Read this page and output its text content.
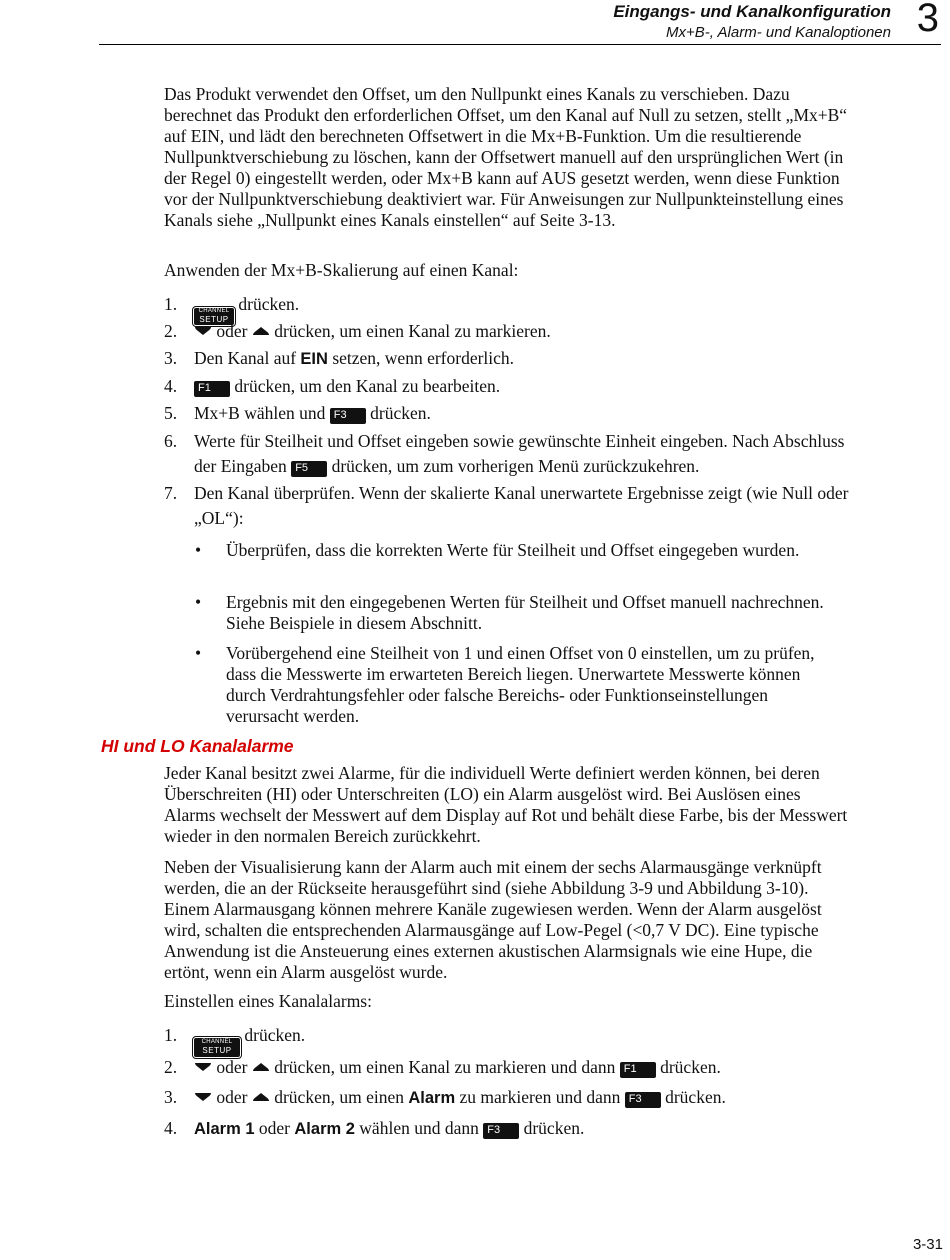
Eingangs- und Kanalkonfiguration
Mx+B-, Alarm- und Kanaloptionen 3

Das Produkt verwendet den Offset, um den Nullpunkt eines Kanals zu verschieben. Dazu berechnet das Produkt den erforderlichen Offset, um den Kanal auf Null zu setzen, stellt „Mx+B“ auf EIN, und lädt den berechneten Offsetwert in die Mx+B-Funktion. Um die resultierende Nullpunktverschiebung zu löschen, kann der Offsetwert manuell auf den ursprünglichen Wert (in der Regel 0) eingestellt werden, oder Mx+B kann auf AUS gesetzt werden, wenn diese Funktion vor der Nullpunktverschiebung deaktiviert war. Für Anweisungen zur Nullpunkteinstellung eines Kanals siehe „Nullpunkt eines Kanals einstellen“ auf Seite 3-13.

Anwenden der Mx+B-Skalierung auf einen Kanal:

1.	CHANNEL
SETUP
drücken.
2.	oder  drücken, um einen Kanal zu markieren.
3. Den Kanal auf EIN setzen, wenn erforderlich.
4.	F1 drücken, um den Kanal zu bearbeiten.
5. Mx+B wählen und F3 drücken.
6. Werte für Steilheit und Offset eingeben sowie gewünschte Einheit eingeben. Nach Abschluss der Eingaben F5 drücken, um zum vorherigen Menü zurückzukehren.
7. Den Kanal überprüfen. Wenn der skalierte Kanal unerwartete Ergebnisse zeigt (wie Null oder „OL“):
• Überprüfen, dass die korrekten Werte für Steilheit und Offset eingegeben wurden.
• Ergebnis mit den eingegebenen Werten für Steilheit und Offset manuell nachrechnen. Siehe Beispiele in diesem Abschnitt.
• Vorübergehend eine Steilheit von 1 und einen Offset von 0 einstellen, um zu prüfen, dass die Messwerte im erwarteten Bereich liegen. Unerwartete Messwerte können durch Verdrahtungsfehler oder falsche Bereichs- oder Funktionseinstellungen verursacht werden.
HI und LO Kanalalarme

Jeder Kanal besitzt zwei Alarme, für die individuell Werte definiert werden können, bei deren Überschreiten (HI) oder Unterschreiten (LO) ein Alarm ausgelöst wird. Bei Auslösen eines Alarms wechselt der Messwert auf dem Display auf Rot und behält diese Farbe, bis der Messwert wieder in den normalen Bereich zurückkehrt.

Neben der Visualisierung kann der Alarm auch mit einem der sechs Alarmausgänge verknüpft werden, die an der Rückseite herausgeführt sind (siehe Abbildung 3-9 und Abbildung 3-10). Einem Alarmausgang können mehrere Kanäle zugewiesen werden. Wenn der Alarm ausgelöst wird, schalten die entsprechenden Alarmausgänge auf Low-Pegel (<0,7 V DC). Eine typische Anwendung ist die Ansteuerung eines externen akustischen Alarmsignals wie eine Hupe, die ertönt, wenn ein Alarm ausgelöst wurde.

Einstellen eines Kanalalarms:

1.	CHANNEL
SETUP
drücken.
2.	oder  drücken, um einen Kanal zu markieren und dann F1 drücken.
3.	oder  drücken, um einen Alarm zu markieren und dann F3 drücken.
4. Alarm 1 oder Alarm 2 wählen und dann F3 drücken.
3-31
